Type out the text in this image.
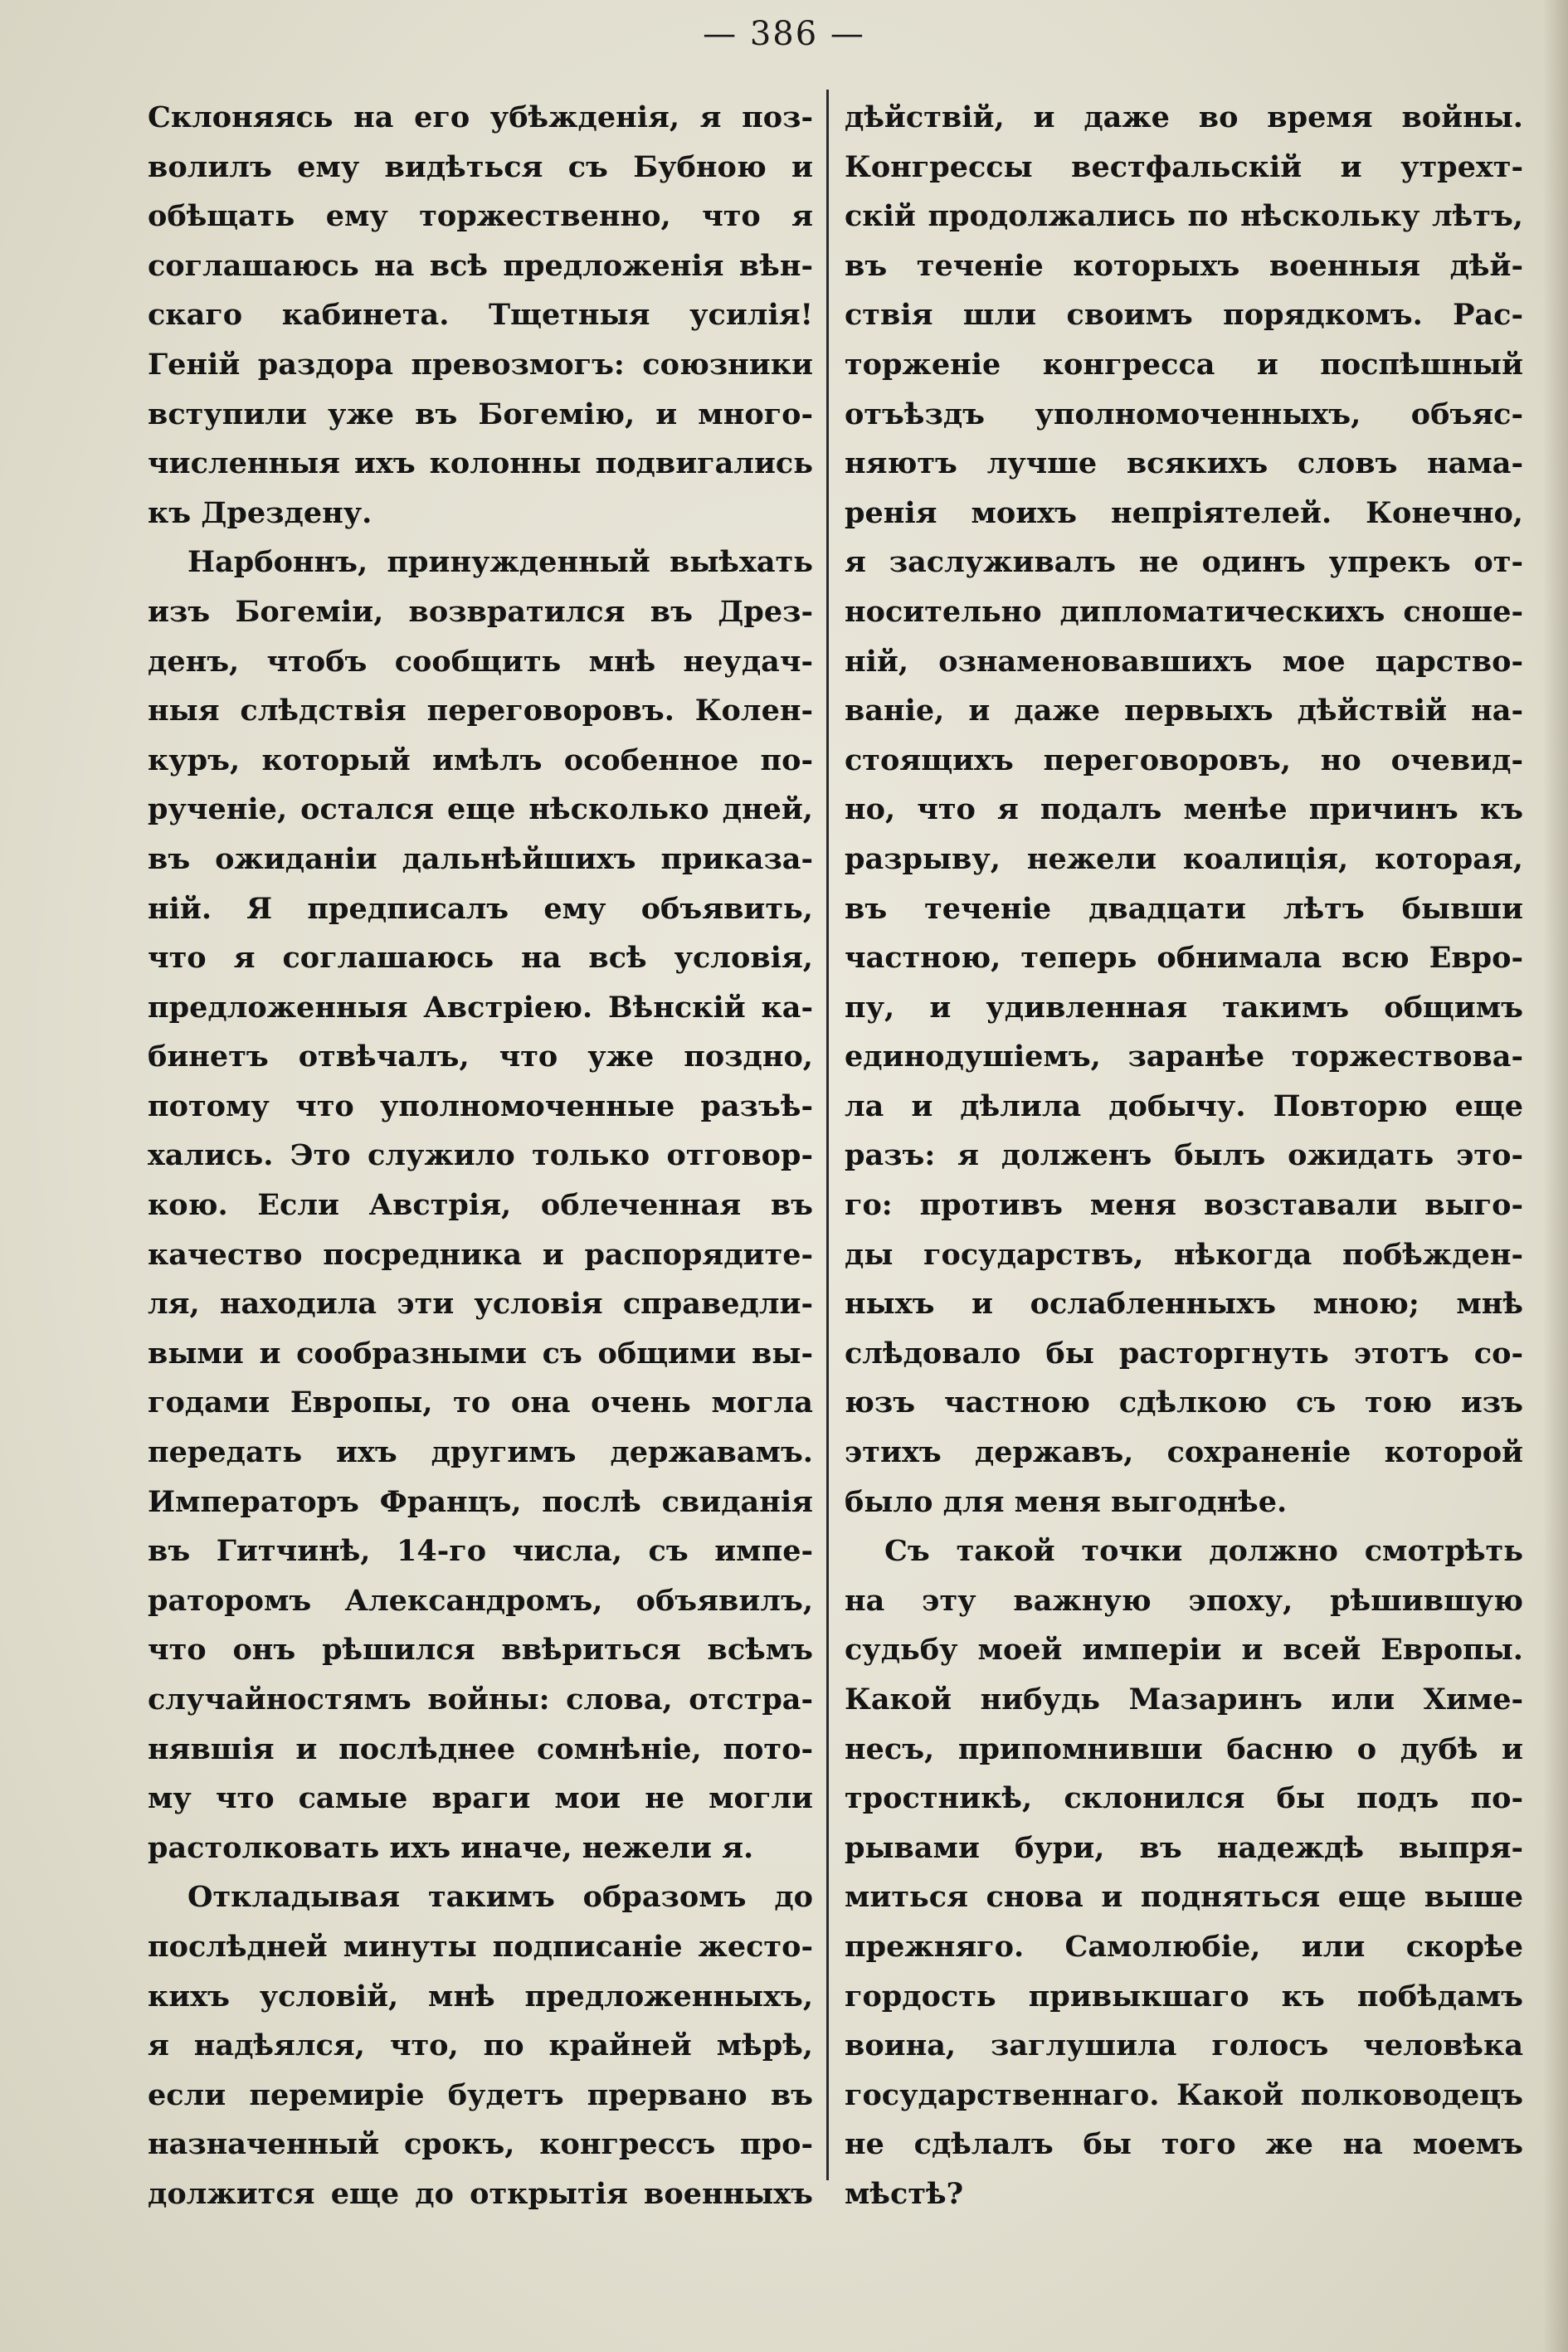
— 386 —
Склоняясь на его убѣжденія, я поз-
волилъ ему видѣться съ Бубною и
обѣщать ему торжественно, что я
соглашаюсь на всѣ предложенія вѣн-
скаго кабинета. Тщетныя усилія!
Геній раздора превозмогъ: союзники
вступили уже въ Богемію, и много-
численныя ихъ колонны подвигались
къ Дрездену.
Нарбоннъ, принужденный выѣхать
изъ Богеміи, возвратился въ Дрез-
денъ, чтобъ сообщить мнѣ неудач-
ныя слѣдствія переговоровъ. Колен-
куръ, который имѣлъ особенное по-
рученіе, остался еще нѣсколько дней,
въ ожиданіи дальнѣйшихъ приказа-
ній. Я предписалъ ему объявить,
что я соглашаюсь на всѣ условія,
предложенныя Австріею. Вѣнскій ка-
бинетъ отвѣчалъ, что уже поздно,
потому что уполномоченные разъѣ-
хались. Это служило только отговор-
кою. Если Австрія, облеченная въ
качество посредника и распорядите-
ля, находила эти условія справедли-
выми и сообразными съ общими вы-
годами Европы, то она очень могла
передать ихъ другимъ державамъ.
Императоръ Францъ, послѣ свиданія
въ Гитчинѣ, 14-го числа, съ импе-
раторомъ Александромъ, объявилъ,
что онъ рѣшился ввѣриться всѣмъ
случайностямъ войны: слова, отстра-
нявшія и послѣднее сомнѣніе, пото-
му что самые враги мои не могли
растолковать ихъ иначе, нежели я.
Откладывая такимъ образомъ до
послѣдней минуты подписаніе жесто-
кихъ условій, мнѣ предложенныхъ,
я надѣялся, что, по крайней мѣрѣ,
если перемиріе будетъ прервано въ
назначенный срокъ, конгрессъ про-
должится еще до открытія военныхъ
дѣйствій, и даже во время войны.
Конгрессы вестфальскій и утрехт-
скій продолжались по нѣскольку лѣтъ,
въ теченіе которыхъ военныя дѣй-
ствія шли своимъ порядкомъ. Рас-
торженіе конгресса и поспѣшный
отъѣздъ уполномоченныхъ, объяс-
няютъ лучше всякихъ словъ нама-
ренія моихъ непріятелей. Конечно,
я заслуживалъ не одинъ упрекъ от-
носительно дипломатическихъ снoше-
ній, ознаменовавшихъ мое царство-
ваніе, и даже первыхъ дѣйствій на-
стоящихъ переговоровъ, но очевид-
но, что я подалъ менѣе причинъ къ
разрыву, нежели коалиція, которая,
въ теченіе двадцати лѣтъ бывши
частною, теперь обнимала всю Евро-
пу, и удивленная такимъ общимъ
единодушіемъ, заранѣе торжествова-
ла и дѣлила добычу. Повторю еще
разъ: я долженъ былъ ожидать это-
го: противъ меня возставали выго-
ды государствъ, нѣкогда побѣжден-
ныхъ и ослабленныхъ мною; мнѣ
слѣдовало бы расторгнуть этотъ со-
юзъ частною сдѣлкою съ тою изъ
этихъ державъ, сохраненіе которой
было для меня выгоднѣе.
Съ такой точки должно смотрѣть
на эту важную эпоху, рѣшившую
судьбу моей имперіи и всей Европы.
Какой нибудь Мазаринъ или Химе-
несъ, припомнивши басню о дубѣ и
тростникѣ, склонился бы подъ по-
рывами бури, въ надеждѣ выпря-
миться снова и подняться еще выше
прежняго. Самолюбіе, или скорѣе
гордость привыкшаго къ побѣдамъ
воина, заглушила голосъ человѣка
государственнаго. Какой полководецъ
не сдѣлалъ бы того же на моемъ
мѣстѣ?
